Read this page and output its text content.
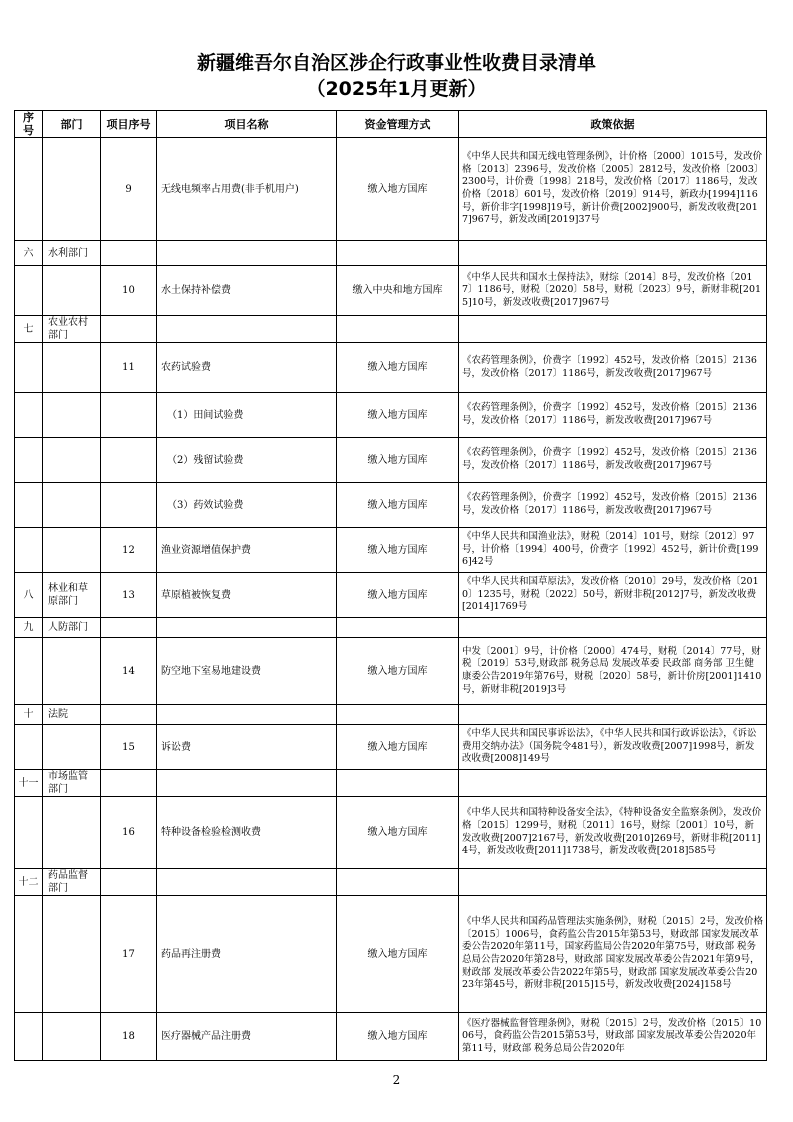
新疆维吾尔自治区涉企行政事业性收费目录清单
（2025年1月更新）
序号	部门	项目序号	项目名称	资金管理方式	政策依据
		9	无线电频率占用费(非手机用户)	缴入地方国库	《中华人民共和国无线电管理条例》，计价格〔2000〕1015号，发改价格〔2013〕2396号，发改价格〔2005〕2812号，发改价格〔2003〕2300号，计价费〔1998〕218号，发改价格〔2017〕1186号，发改价格〔2018〕601号，发改价格〔2019〕914号，新政办[1994]116号，新价非字[1998]19号，新计价费[2002]900号，新发改收费[2017]967号，新发改函[2019]37号
六	水利部门				
		10	水土保持补偿费	缴入中央和地方国库	《中华人民共和国水土保持法》，财综〔2014〕8号，发改价格〔2017〕1186号，财税〔2020〕58号，财税〔2023〕9号，新财非税[2015]10号，新发改收费[2017]967号
七	农业农村部门				
		11	农药试验费	缴入地方国库	《农药管理条例》，价费字〔1992〕452号，发改价格〔2015〕2136号，发改价格〔2017〕1186号，新发改收费[2017]967号
			（1）田间试验费	缴入地方国库	《农药管理条例》，价费字〔1992〕452号，发改价格〔2015〕2136号，发改价格〔2017〕1186号，新发改收费[2017]967号
			（2）残留试验费	缴入地方国库	《农药管理条例》，价费字〔1992〕452号，发改价格〔2015〕2136号，发改价格〔2017〕1186号，新发改收费[2017]967号
			（3）药效试验费	缴入地方国库	《农药管理条例》，价费字〔1992〕452号，发改价格〔2015〕2136号，发改价格〔2017〕1186号，新发改收费[2017]967号
		12	渔业资源增值保护费	缴入地方国库	《中华人民共和国渔业法》，财税〔2014〕101号，财综〔2012〕97号，计价格〔1994〕400号，价费字〔1992〕452号，新计价费[1996]42号
八	林业和草原部门	13	草原植被恢复费	缴入地方国库	《中华人民共和国草原法》，发改价格〔2010〕29号，发改价格〔2010〕1235号，财税〔2022〕50号，新财非税[2012]7号，新发改收费[2014]1769号
九	人防部门				
		14	防空地下室易地建设费	缴入地方国库	中发〔2001〕9号，计价格〔2000〕474号，财税〔2014〕77号，财税〔2019〕53号,财政部 税务总局 发展改革委 民政部 商务部 卫生健康委公告2019年第76号，财税〔2020〕58号，新计价房[2001]1410号，新财非税[2019]3号
十	法院				
		15	诉讼费	缴入地方国库	《中华人民共和国民事诉讼法》，《中华人民共和国行政诉讼法》，《诉讼费用交纳办法》（国务院令481号），新发改收费[2007]1998号，新发改收费[2008]149号
十一	市场监管部门				
		16	特种设备检验检测收费	缴入地方国库	《中华人民共和国特种设备安全法》，《特种设备安全监察条例》，发改价格〔2015〕1299号，财税〔2011〕16号，财综〔2001〕10号，新发改收费[2007]2167号，新发改收费[2010]269号，新财非税[2011]4号，新发改收费[2011]1738号，新发改收费[2018]585号
十二	药品监督部门				
		17	药品再注册费	缴入地方国库	《中华人民共和国药品管理法实施条例》，财税〔2015〕2号，发改价格〔2015〕1006号，食药监公告2015年第53号，财政部 国家发展改革委公告2020年第11号，国家药监局公告2020年第75号，财政部 税务总局公告2020年第28号，财政部 国家发展改革委公告2021年第9号，财政部 发展改革委公告2022年第5号，财政部 国家发展改革委公告2023年第45号，新财非税[2015]15号，新发改收费[2024]158号
		18	医疗器械产品注册费	缴入地方国库	《医疗器械监督管理条例》，财税〔2015〕2号，发改价格〔2015〕1006号，食药监公告2015第53号，财政部 国家发展改革委公告2020年第11号，财政部 税务总局公告2020年
2
